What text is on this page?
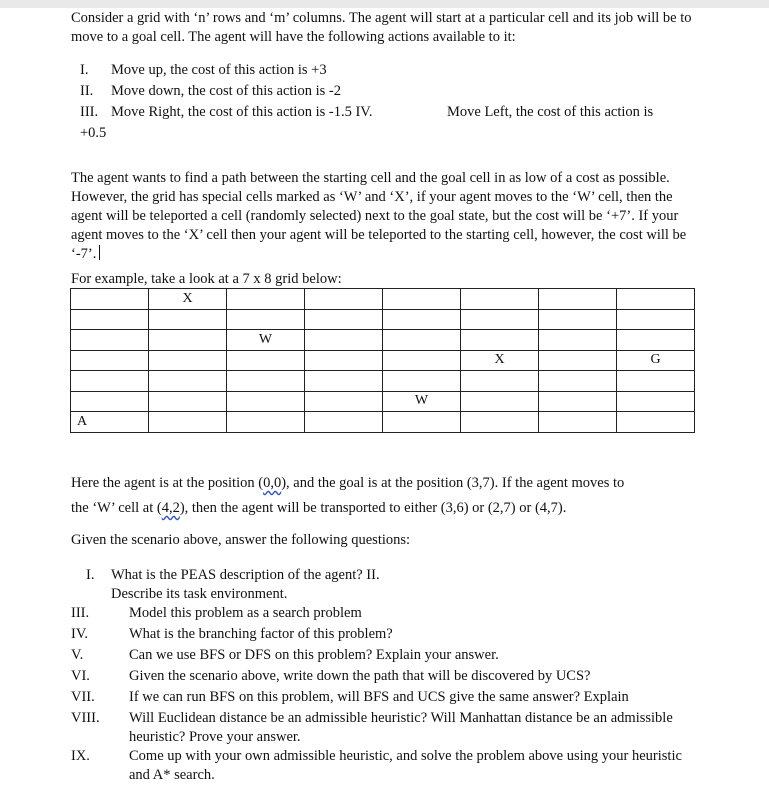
Consider a grid with ‘n’ rows and ‘m’ columns. The agent will start at a particular cell and its job will be to move to a goal cell. The agent will have the following actions available to it:

I. Move up, the cost of this action is +3
II. Move down, the cost of this action is -2
III. Move Right, the cost of this action is -1.5 IV.	Move Left, the cost of this action is
+0.5

The agent wants to find a path between the starting cell and the goal cell in as low of a cost as possible. However, the grid has special cells marked as ‘W’ and ‘X’, if your agent moves to the ‘W’ cell, then the agent will be teleported a cell (randomly selected) next to the goal state, but the cost will be ‘+7’. If your agent moves to the ‘X’ cell then your agent will be teleported to the starting cell, however, the cost will be ‘-7’.

For example, take a look at a 7 x 8 grid below:

	X						

		W					
					X		G

				W			
A							

Here the agent is at the position (0,0), and the goal is at the position (3,7). If the agent moves to

the ‘W’ cell at (4,2), then the agent will be transported to either (3,6) or (2,7) or (4,7).

Given the scenario above, answer the following questions:

I. What is the PEAS description of the agent? II.
Describe its task environment.
III.	Model this problem as a search problem
IV.	What is the branching factor of this problem?
V.	Can we use BFS or DFS on this problem? Explain your answer.
VI.	Given the scenario above, write down the path that will be discovered by UCS?
VII. If we can run BFS on this problem, will BFS and UCS give the same answer? Explain
VIII. Will Euclidean distance be an admissible heuristic? Will Manhattan distance be an admissible heuristic? Prove your answer.
IX.	Come up with your own admissible heuristic, and solve the problem above using your heuristic and A* search.
